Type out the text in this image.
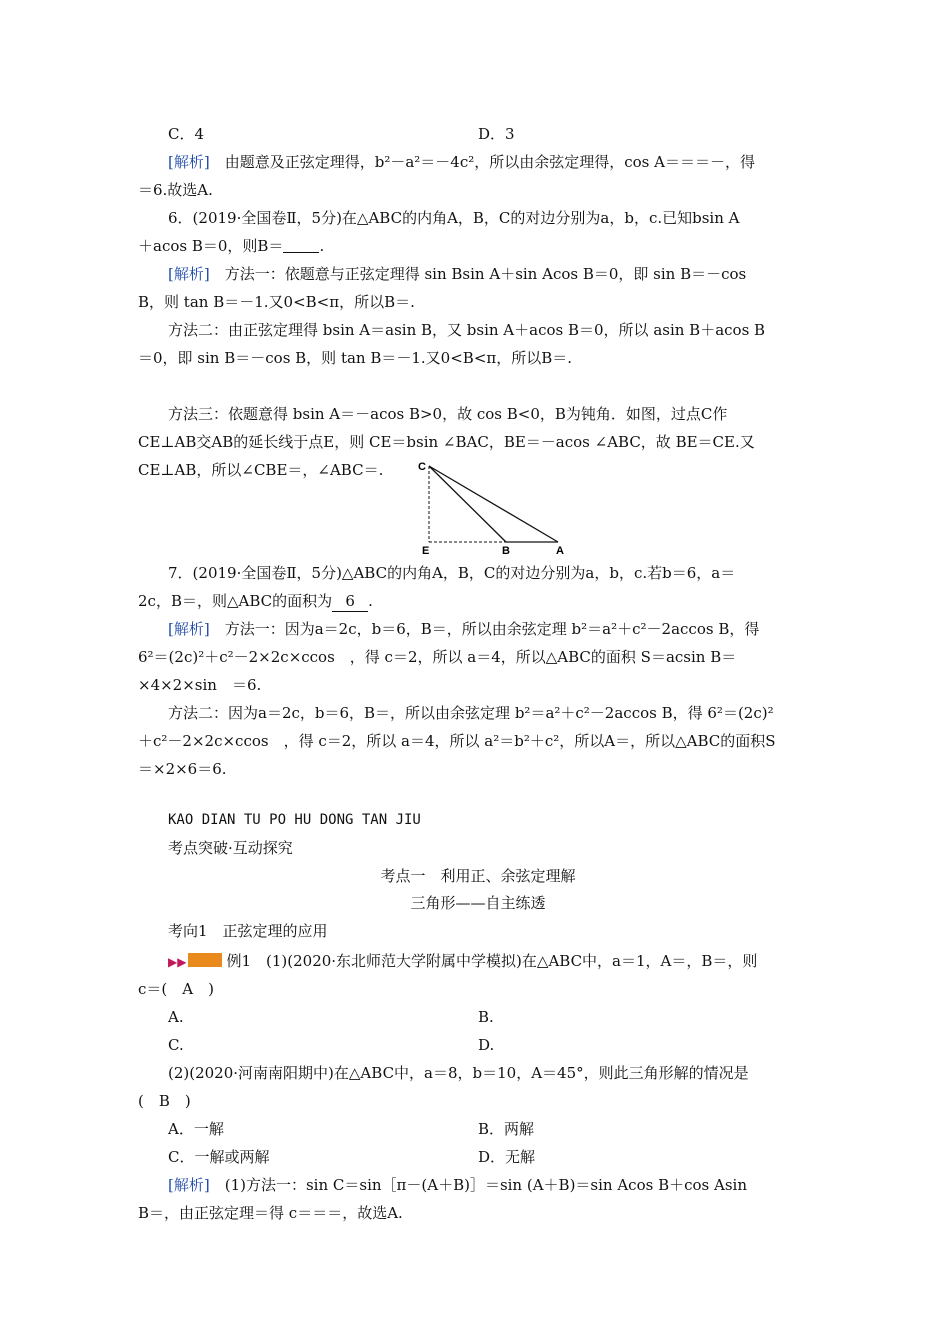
C．4	D．3
[解析]　由题意及正弦定理得，b²－a²＝－4c²，所以由余弦定理得，cos A＝＝＝－，得
＝6.故选A.
6．(2019·全国卷Ⅱ，5分)在△ABC的内角A，B，C的对边分别为a，b，c.已知bsin A
＋acos B＝0，则B＝ .
[解析]　方法一：依题意与正弦定理得 sin Bsin A＋sin Acos B＝0，即 sin B＝－cos
B，则 tan B＝－1.又0<B<π，所以B＝.
方法二：由正弦定理得 bsin A＝asin B，又 bsin A＋acos B＝0，所以 asin B＋acos B
＝0，即 sin B＝－cos B，则 tan B＝－1.又0<B<π，所以B＝.
方法三：依题意得 bsin A＝－acos B>0，故 cos B<0，B为钝角．如图，过点C作
CE⊥AB交AB的延长线于点E，则 CE＝bsin ∠BAC，BE＝－acos ∠ABC，故 BE＝CE.又
CE⊥AB，所以∠CBE＝，∠ABC＝.	C
E	B	A
7．(2019·全国卷Ⅱ，5分)△ABC的内角A，B，C的对边分别为a，b，c.若b＝6，a＝
2c，B＝，则△ABC的面积为 6 .
[解析]　方法一：因为a＝2c，b＝6，B＝，所以由余弦定理 b²＝a²＋c²－2accos B，得
6²＝(2c)²＋c²－2×2c×ccos　，得 c＝2，所以 a＝4，所以△ABC的面积 S＝acsin B＝
×4×2×sin　＝6.
方法二：因为a＝2c，b＝6，B＝，所以由余弦定理 b²＝a²＋c²－2accos B，得 6²＝(2c)²
＋c²－2×2c×ccos　，得 c＝2，所以 a＝4，所以 a²＝b²＋c²，所以A＝，所以△ABC的面积S
＝×2×6＝6.
KAO DIAN TU PO HU DONG TAN JIU
考点突破·互动探究
考点一　利用正、余弦定理解
三角形——自主练透
考向1　正弦定理的应用
▶▶	例1　(1)(2020·东北师范大学附属中学模拟)在△ABC中，a＝1，A＝，B＝，则
c＝(　A　)
A.	B.
C.	D.
(2)(2020·河南南阳期中)在△ABC中，a＝8，b＝10，A＝45°，则此三角形解的情况是
(　B　)
A．一解	B．两解
C．一解或两解	D．无解
[解析]　(1)方法一：sin C＝sin［π－(A＋B)］＝sin (A＋B)＝sin Acos B＋cos Asin
B＝，由正弦定理＝得 c＝＝＝，故选A.
